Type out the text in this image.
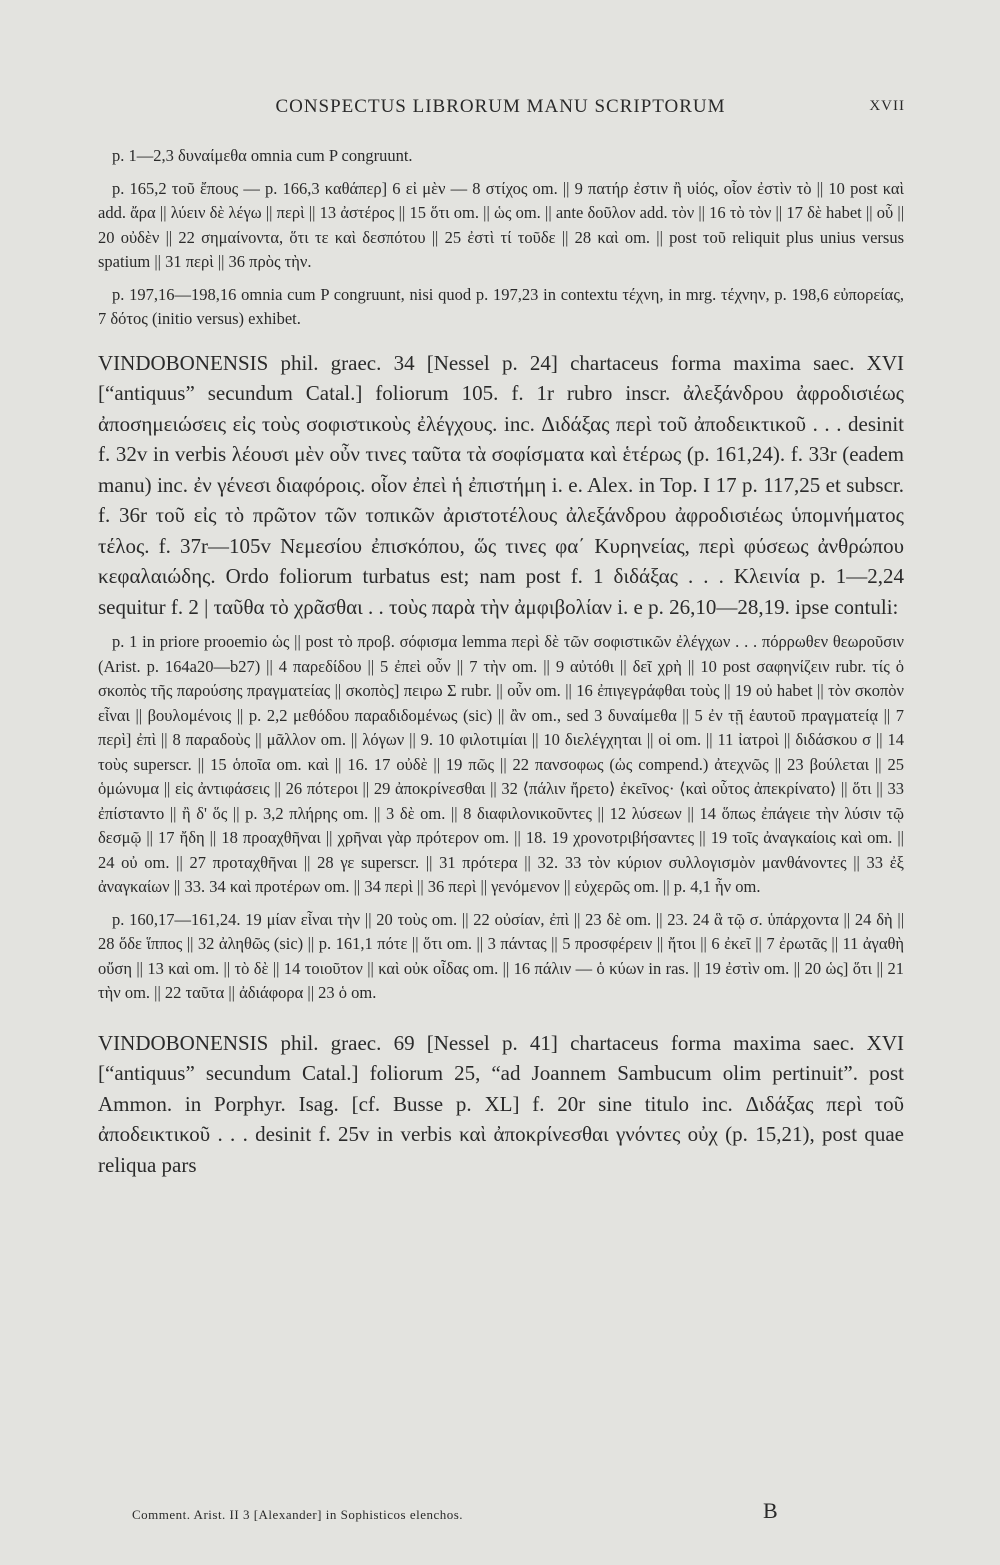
CONSPECTUS LIBRORUM MANU SCRIPTORUM	XVII

p. 1—2,3 δυναίμεθα omnia cum P congruunt.

p. 165,2 τοῦ ἔπους — p. 166,3 καθάπερ] 6 εἰ μὲν — 8 στίχος om. || 9 πατήρ ἐστιν ἢ υἱός, οἷον ἐστὶν τὸ || 10 post καὶ add. ἄρα || λύειν δὲ λέγω || περὶ || 13 ἀστέρος || 15 ὅτι om. || ὡς om. || ante δοῦλον add. τὸν || 16 τὸ τὸν || 17 δὲ habet || οὗ || 20 οὐδὲν || 22 σημαίνοντα, ὅτι τε καὶ δεσπότου || 25 ἐστὶ τί τοῦδε || 28 καὶ om. || post τοῦ reliquit plus unius versus spatium || 31 περὶ || 36 πρὸς τὴν.

p. 197,16—198,16 omnia cum P congruunt, nisi quod p. 197,23 in contextu τέχνη, in mrg. τέχνην, p. 198,6 εὐπορείας, 7 δότος (initio versus) exhibet.

VINDOBONENSIS phil. graec. 34 [Nessel p. 24] chartaceus forma maxima saec. XVI [“antiquus” secundum Catal.] foliorum 105. f. 1r rubro inscr. ἀλεξάνδρου ἀφροδισιέως ἀποσημειώσεις εἰς τοὺς σοφιστικοὺς ἐλέγχους. inc. Διδάξας περὶ τοῦ ἀποδεικτικοῦ . . . desinit f. 32v in verbis λέουσι μὲν οὖν τινες ταῦτα τὰ σοφίσματα καὶ ἑτέρως (p. 161,24). f. 33r (eadem manu) inc. ἐν γένεσι διαφόροις. οἷον ἐπεὶ ἡ ἐπιστήμη i. e. Alex. in Top. I 17 p. 117,25 et subscr. f. 36r τοῦ εἰς τὸ πρῶτον τῶν τοπικῶν ἀριστοτέλους ἀλεξάνδρου ἀφροδισιέως ὑπομνήματος τέλος. f. 37r—105v Νεμεσίου ἐπισκόπου, ὥς τινες φα΄ Κυρηνείας, περὶ φύσεως ἀνθρώπου κεφαλαιώδης. Ordo foliorum turbatus est; nam post f. 1 διδάξας . . . Κλεινία p. 1—2,24 sequitur f. 2 | ταῦθα τὸ χρᾶσθαι . . τοὺς παρὰ τὴν ἀμφιβολίαν i. e p. 26,10—28,19. ipse contuli:

p. 1 in priore prooemio ὡς || post τὸ προβ. σόφισμα lemma περὶ δὲ τῶν σοφιστικῶν ἐλέγχων . . . πόρρωθεν θεωροῦσιν (Arist. p. 164a20—b27) || 4 παρεδίδου || 5 ἐπεὶ οὖν || 7 τὴν om. || 9 αὐτόθι || δεῖ χρὴ || 10 post σαφηνίζειν rubr. τίς ὁ σκοπὸς τῆς παρούσης πραγματείας || σκοπὸς] πειρω Σ rubr. || οὖν om. || 16 ἐπιγεγράφθαι τοὺς || 19 οὐ habet || τὸν σκοπὸν εἶναι || βουλομένοις || p. 2,2 μεθόδου παραδιδομένως (sic) || ἂν om., sed 3 δυναίμεθα || 5 ἐν τῇ ἑαυτοῦ πραγματείᾳ || 7 περὶ] ἐπὶ || 8 παραδοὺς || μᾶλλον om. || λόγων || 9. 10 φιλοτιμίαι || 10 διελέγχηται || οἱ om. || 11 ἰατροὶ || διδάσκου σ || 14 τοὺς superscr. || 15 ὁποῖα om. καὶ || 16. 17 οὐδὲ || 19 πῶς || 22 πανσοφως (ὡς compend.) ἀτεχνῶς || 23 βούλεται || 25 ὁμώνυμα || εἰς ἀντιφάσεις || 26 πότεροι || 29 ἀποκρίνεσθαι || 32 ⟨πάλιν ἤρετο⟩ ἐκεῖνος· ⟨καὶ οὗτος ἀπεκρίνατο⟩ || ὅτι || 33 ἐπίσταντο || ἢ δ' ὅς || p. 3,2 πλήρης om. || 3 δὲ om. || 8 διαφιλονικοῦντες || 12 λύσεων || 14 ὅπως ἐπάγειε τὴν λύσιν τῷ δεσμῷ || 17 ἤδη || 18 προαχθῆναι || χρῆναι γὰρ πρότερον om. || 18. 19 χρονοτριβήσαντες || 19 τοῖς ἀναγκαίοις καὶ om. || 24 οὐ om. || 27 προταχθῆναι || 28 γε superscr. || 31 πρότερα || 32. 33 τὸν κύριον συλλογισμὸν μανθάνοντες || 33 ἐξ ἀναγκαίων || 33. 34 καὶ προτέρων om. || 34 περὶ || 36 περὶ || γενόμενον || εὐχερῶς om. || p. 4,1 ἦν om.

p. 160,17—161,24. 19 μίαν εἶναι τὴν || 20 τοὺς om. || 22 οὐσίαν, ἐπὶ || 23 δὲ om. || 23. 24 ἃ τῷ σ. ὑπάρχοντα || 24 δὴ || 28 ὅδε ἵππος || 32 ἀληθῶς (sic) || p. 161,1 πότε || ὅτι om. || 3 πάντας || 5 προσφέρειν || ἤτοι || 6 ἐκεῖ || 7 ἐρωτᾶς || 11 ἀγαθὴ οὔση || 13 καὶ om. || τὸ δὲ || 14 τοιοῦτον || καὶ οὐκ οἶδας om. || 16 πάλιν — ὁ κύων in ras. || 19 ἐστὶν om. || 20 ὡς] ὅτι || 21 τὴν om. || 22 ταῦτα || ἀδιάφορα || 23 ὁ om.

VINDOBONENSIS phil. graec. 69 [Nessel p. 41] chartaceus forma maxima saec. XVI [“antiquus” secundum Catal.] foliorum 25, “ad Joannem Sambucum olim pertinuit”. post Ammon. in Porphyr. Isag. [cf. Busse p. XL] f. 20r sine titulo inc. Διδάξας περὶ τοῦ ἀποδεικτικοῦ . . . desinit f. 25v in verbis καὶ ἀποκρίνεσθαι γνόντες οὐχ (p. 15,21), post quae reliqua pars

Comment. Arist. II 3 [Alexander] in Sophisticos elenchos.	B
